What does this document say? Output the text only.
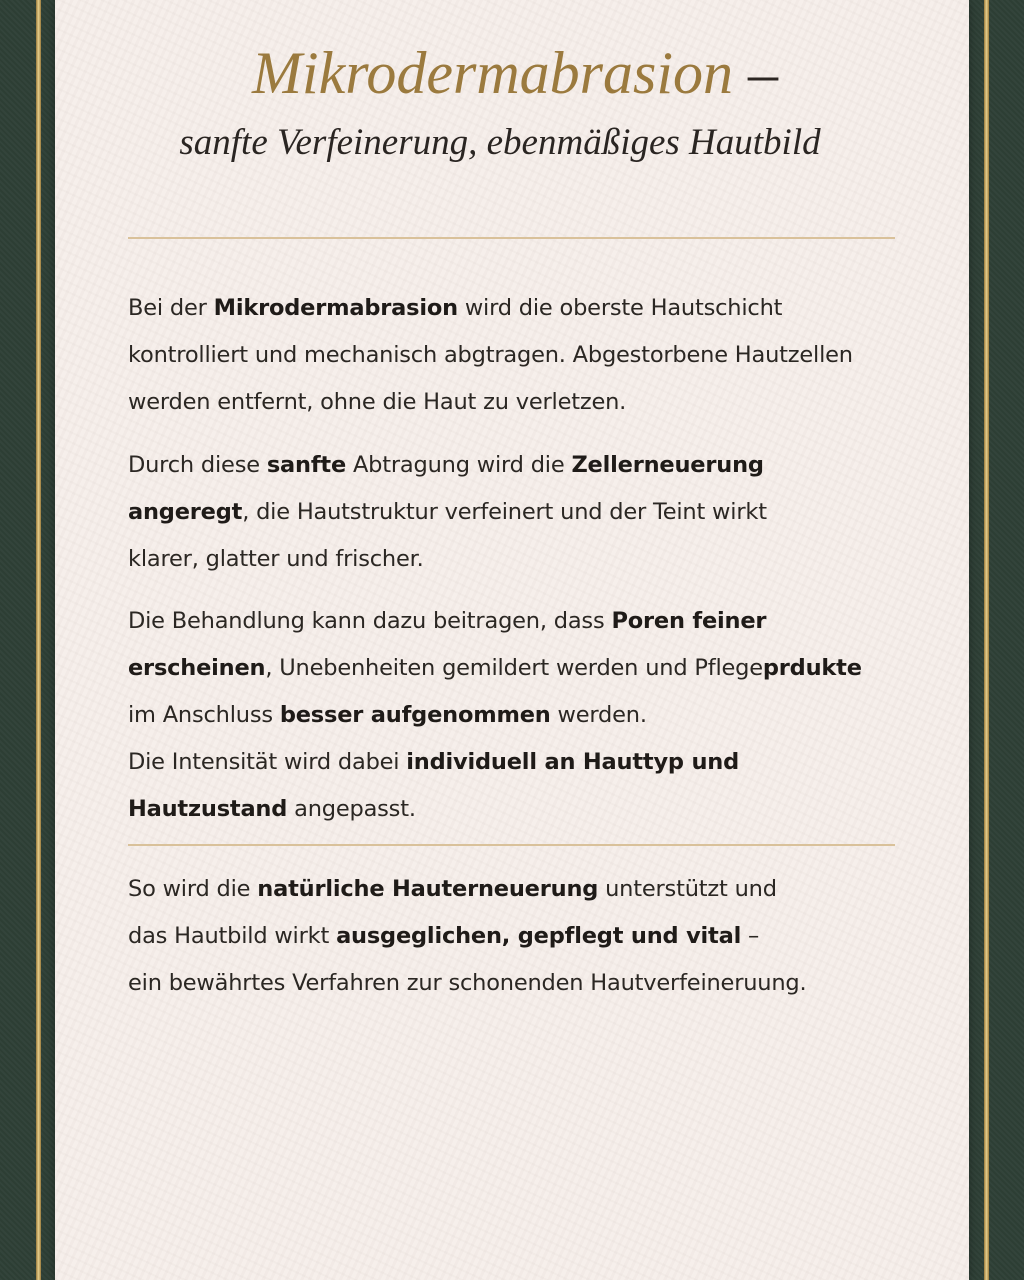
Mikrodermabrasion –
sanfte Verfeinerung, ebenmäßiges Hautbild

Bei der Mikrodermabrasion wird die oberste Hautschicht
kontrolliert und mechanisch abgtragen. Abgestorbene Hautzellen
werden entfernt, ohne die Haut zu verletzen.

Durch diese sanfte Abtragung wird die Zellerneuerung
angeregt, die Hautstruktur verfeinert und der Teint wirkt
klarer, glatter und frischer.

Die Behandlung kann dazu beitragen, dass Poren feiner
erscheinen, Unebenheiten gemildert werden und Pflegeprdukte
im Anschluss besser aufgenommen werden.
Die Intensität wird dabei individuell an Hauttyp und
Hautzustand angepasst.

So wird die natürliche Hauterneuerung unterstützt und
das Hautbild wirkt ausgeglichen, gepflegt und vital –
ein bewährtes Verfahren zur schonenden Hautverfeineruung.
